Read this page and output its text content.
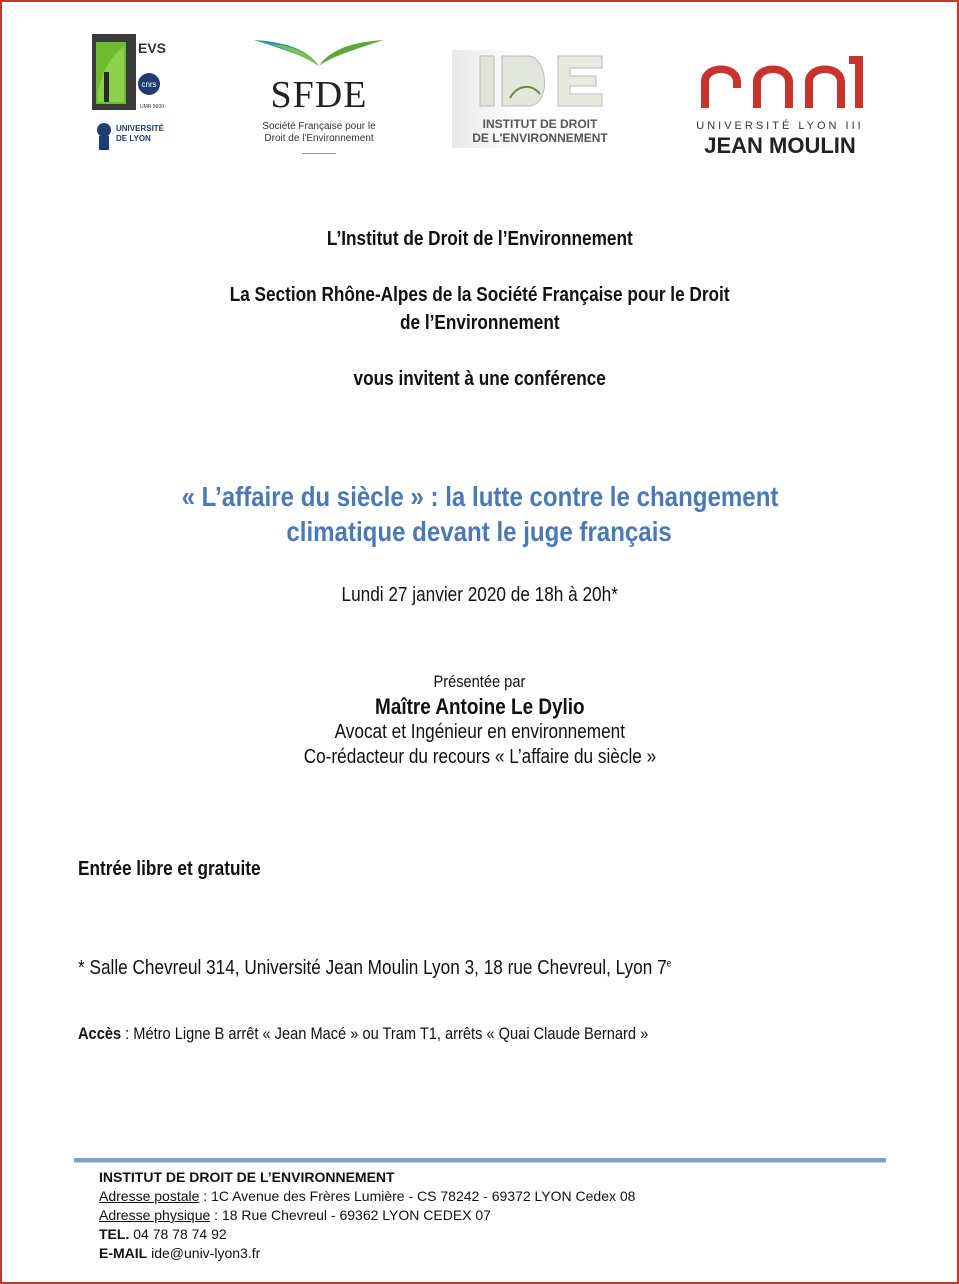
cnrs
EVS
UMR 5600
UNIVERSITÉ
DE LYON
SFDE
Société Française pour le
Droit de l'Environnement
INSTITUT DE DROIT
DE L'ENVIRONNEMENT
UNIVERSITÉ LYON III
JEAN MOULIN
L’Institut de Droit de l’Environnement
La Section Rhône-Alpes de la Société Française pour le Droit
de l’Environnement
vous invitent à une conférence
« L’affaire du siècle » : la lutte contre le changement
climatique devant le juge français
Lundi 27 janvier 2020 de 18h à 20h*
Présentée par
Maître Antoine Le Dylio
Avocat et Ingénieur en environnement
Co-rédacteur du recours « L’affaire du siècle »
Entrée libre et gratuite
* Salle Chevreul 314, Université Jean Moulin Lyon 3, 18 rue Chevreul, Lyon 7e
Accès : Métro Ligne B arrêt « Jean Macé » ou Tram T1, arrêts « Quai Claude Bernard »
INSTITUT DE DROIT DE L’ENVIRONNEMENT
Adresse postale : 1C Avenue des Frères Lumière - CS 78242 - 69372 LYON Cedex 08
Adresse physique : 18 Rue Chevreul - 69362 LYON CEDEX 07
TEL. 04 78 78 74 92
E-MAIL ide@univ-lyon3.fr
